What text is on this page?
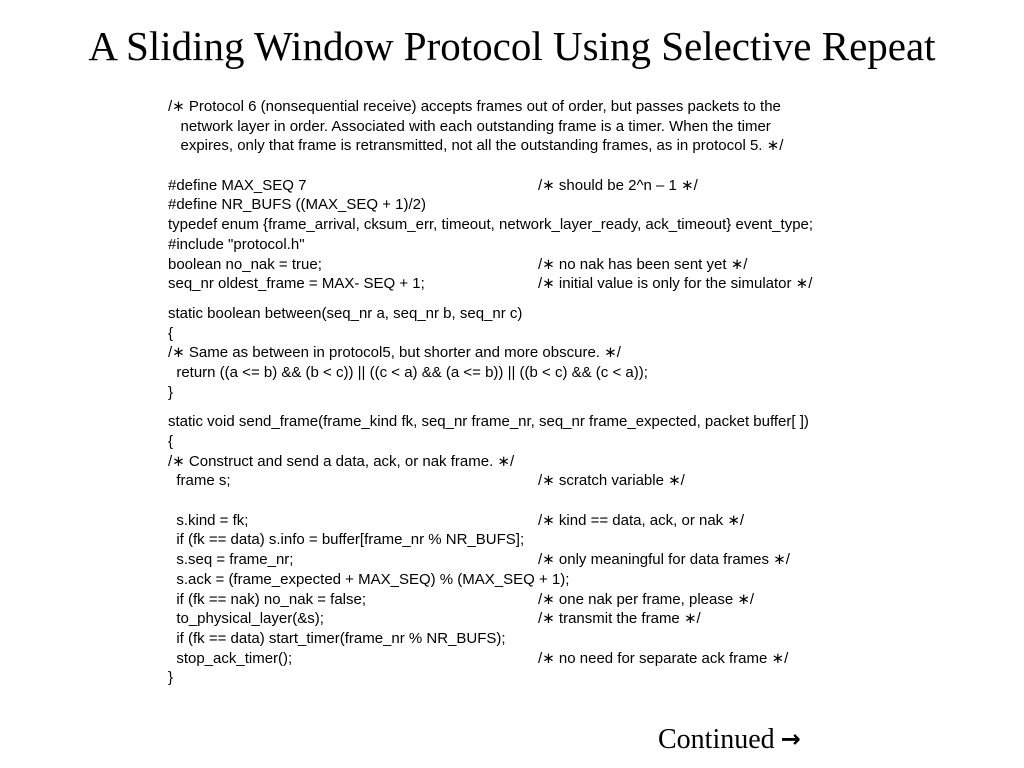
A Sliding Window Protocol Using Selective Repeat
/∗ Protocol 6 (nonsequential receive) accepts frames out of order, but passes packets to the
network layer in order. Associated with each outstanding frame is a timer. When the timer
expires, only that frame is retransmitted, not all the outstanding frames, as in protocol 5. ∗/
#define MAX_SEQ 7	/∗ should be 2^n – 1 ∗/
#define NR_BUFS ((MAX_SEQ + 1)/2)
typedef enum {frame_arrival, cksum_err, timeout, network_layer_ready, ack_timeout} event_type;
#include "protocol.h"
boolean no_nak = true;	/∗ no nak has been sent yet ∗/
seq_nr oldest_frame = MAX- SEQ + 1;	/∗ initial value is only for the simulator ∗/
static boolean between(seq_nr a, seq_nr b, seq_nr c)
{
/∗ Same as between in protocol5, but shorter and more obscure. ∗/
return ((a <= b) && (b < c)) || ((c < a) && (a <= b)) || ((b < c) && (c < a));
}
static void send_frame(frame_kind fk, seq_nr frame_nr, seq_nr frame_expected, packet buffer[ ])
{
/∗ Construct and send a data, ack, or nak frame. ∗/
frame s;	/∗ scratch variable ∗/
s.kind = fk;	/∗ kind == data, ack, or nak ∗/
if (fk == data) s.info = buffer[frame_nr % NR_BUFS];
s.seq = frame_nr;	/∗ only meaningful for data frames ∗/
s.ack = (frame_expected + MAX_SEQ) % (MAX_SEQ + 1);
if (fk == nak) no_nak = false;	/∗ one nak per frame, please ∗/
to_physical_layer(&s);	/∗ transmit the frame ∗/
if (fk == data) start_timer(frame_nr % NR_BUFS);
stop_ack_timer();	/∗ no need for separate ack frame ∗/
}
Continued →
